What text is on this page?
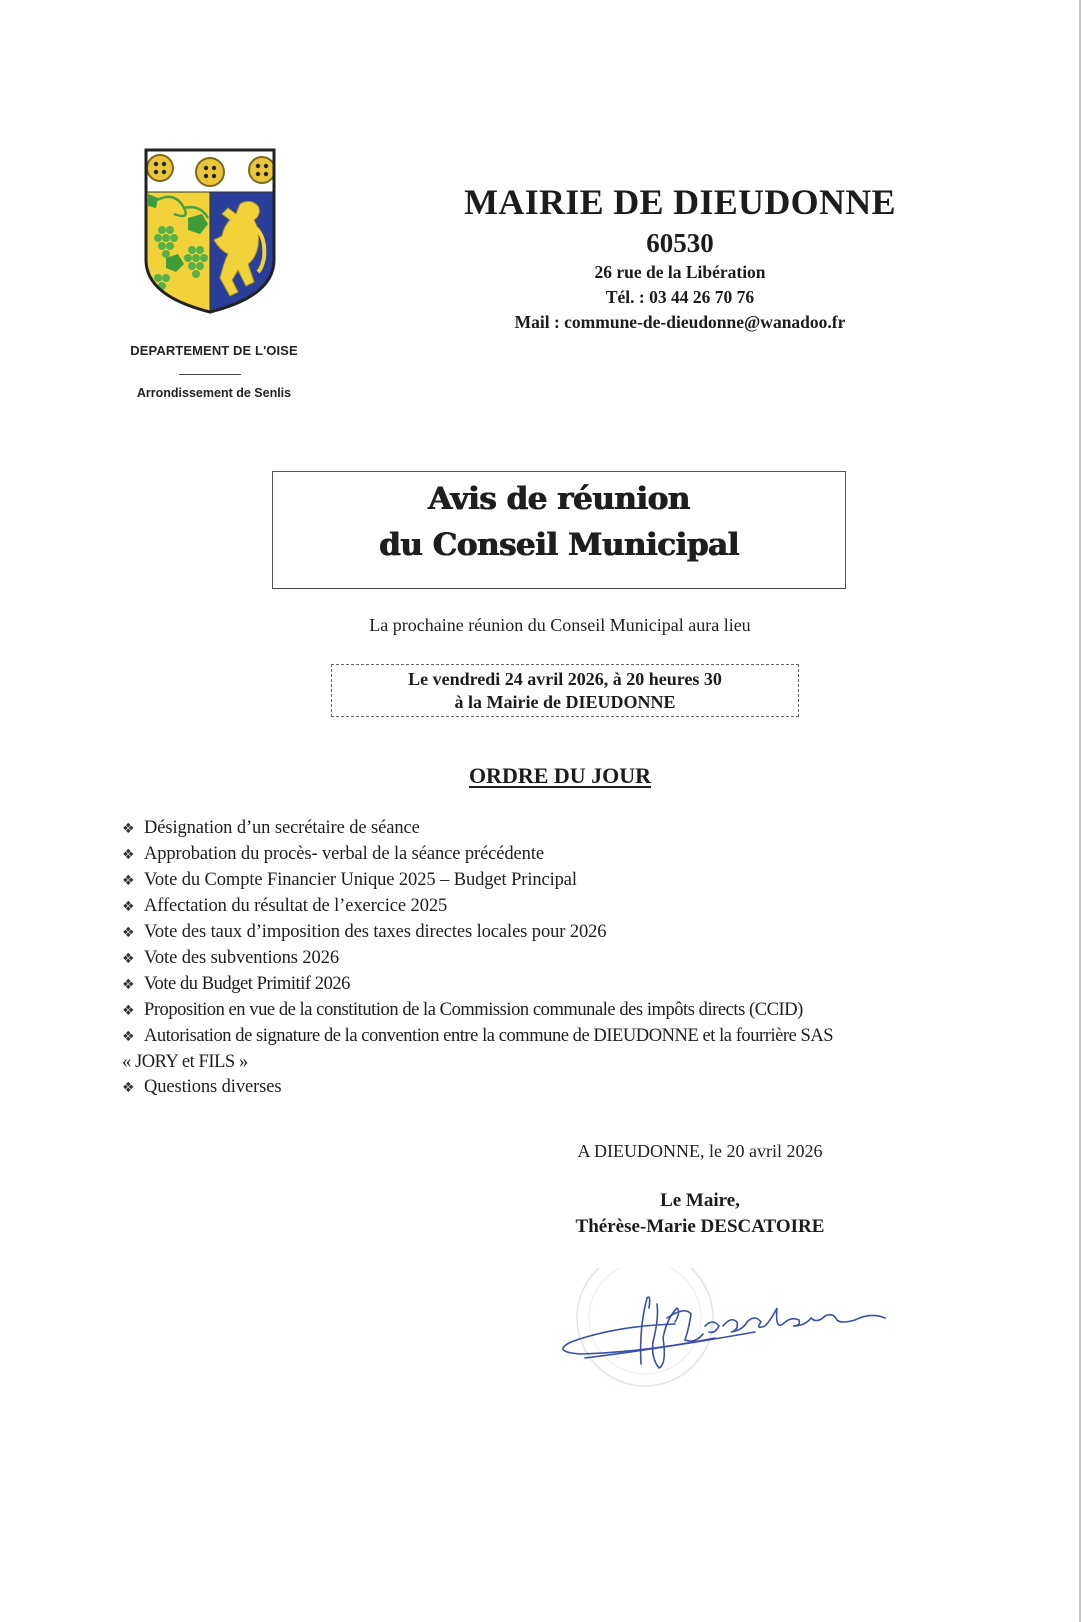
DEPARTEMENT DE L'OISE
Arrondissement de Senlis
MAIRIE DE DIEUDONNE
60530
26 rue de la Libération
Tél. : 03 44 26 70 76
Mail : commune-de-dieudonne@wanadoo.fr
Avis de réunion
du Conseil Municipal
La prochaine réunion du Conseil Municipal aura lieu
Le vendredi 24 avril 2026, à 20 heures 30
à la Mairie de DIEUDONNE
ORDRE DU JOUR
❖ Désignation d’un secrétaire de séance
❖ Approbation du procès- verbal de la séance précédente
❖ Vote du Compte Financier Unique 2025 – Budget Principal
❖ Affectation du résultat de l’exercice 2025
❖ Vote des taux d’imposition des taxes directes locales pour 2026
❖ Vote des subventions 2026
❖ Vote du Budget Primitif 2026
❖ Proposition en vue de la constitution de la Commission communale des impôts directs (CCID)
❖ Autorisation de signature de la convention entre la commune de DIEUDONNE et la fourrière SAS
« JORY et FILS »
❖ Questions diverses
A DIEUDONNE, le 20 avril 2026
Le Maire,
Thérèse-Marie DESCATOIRE
